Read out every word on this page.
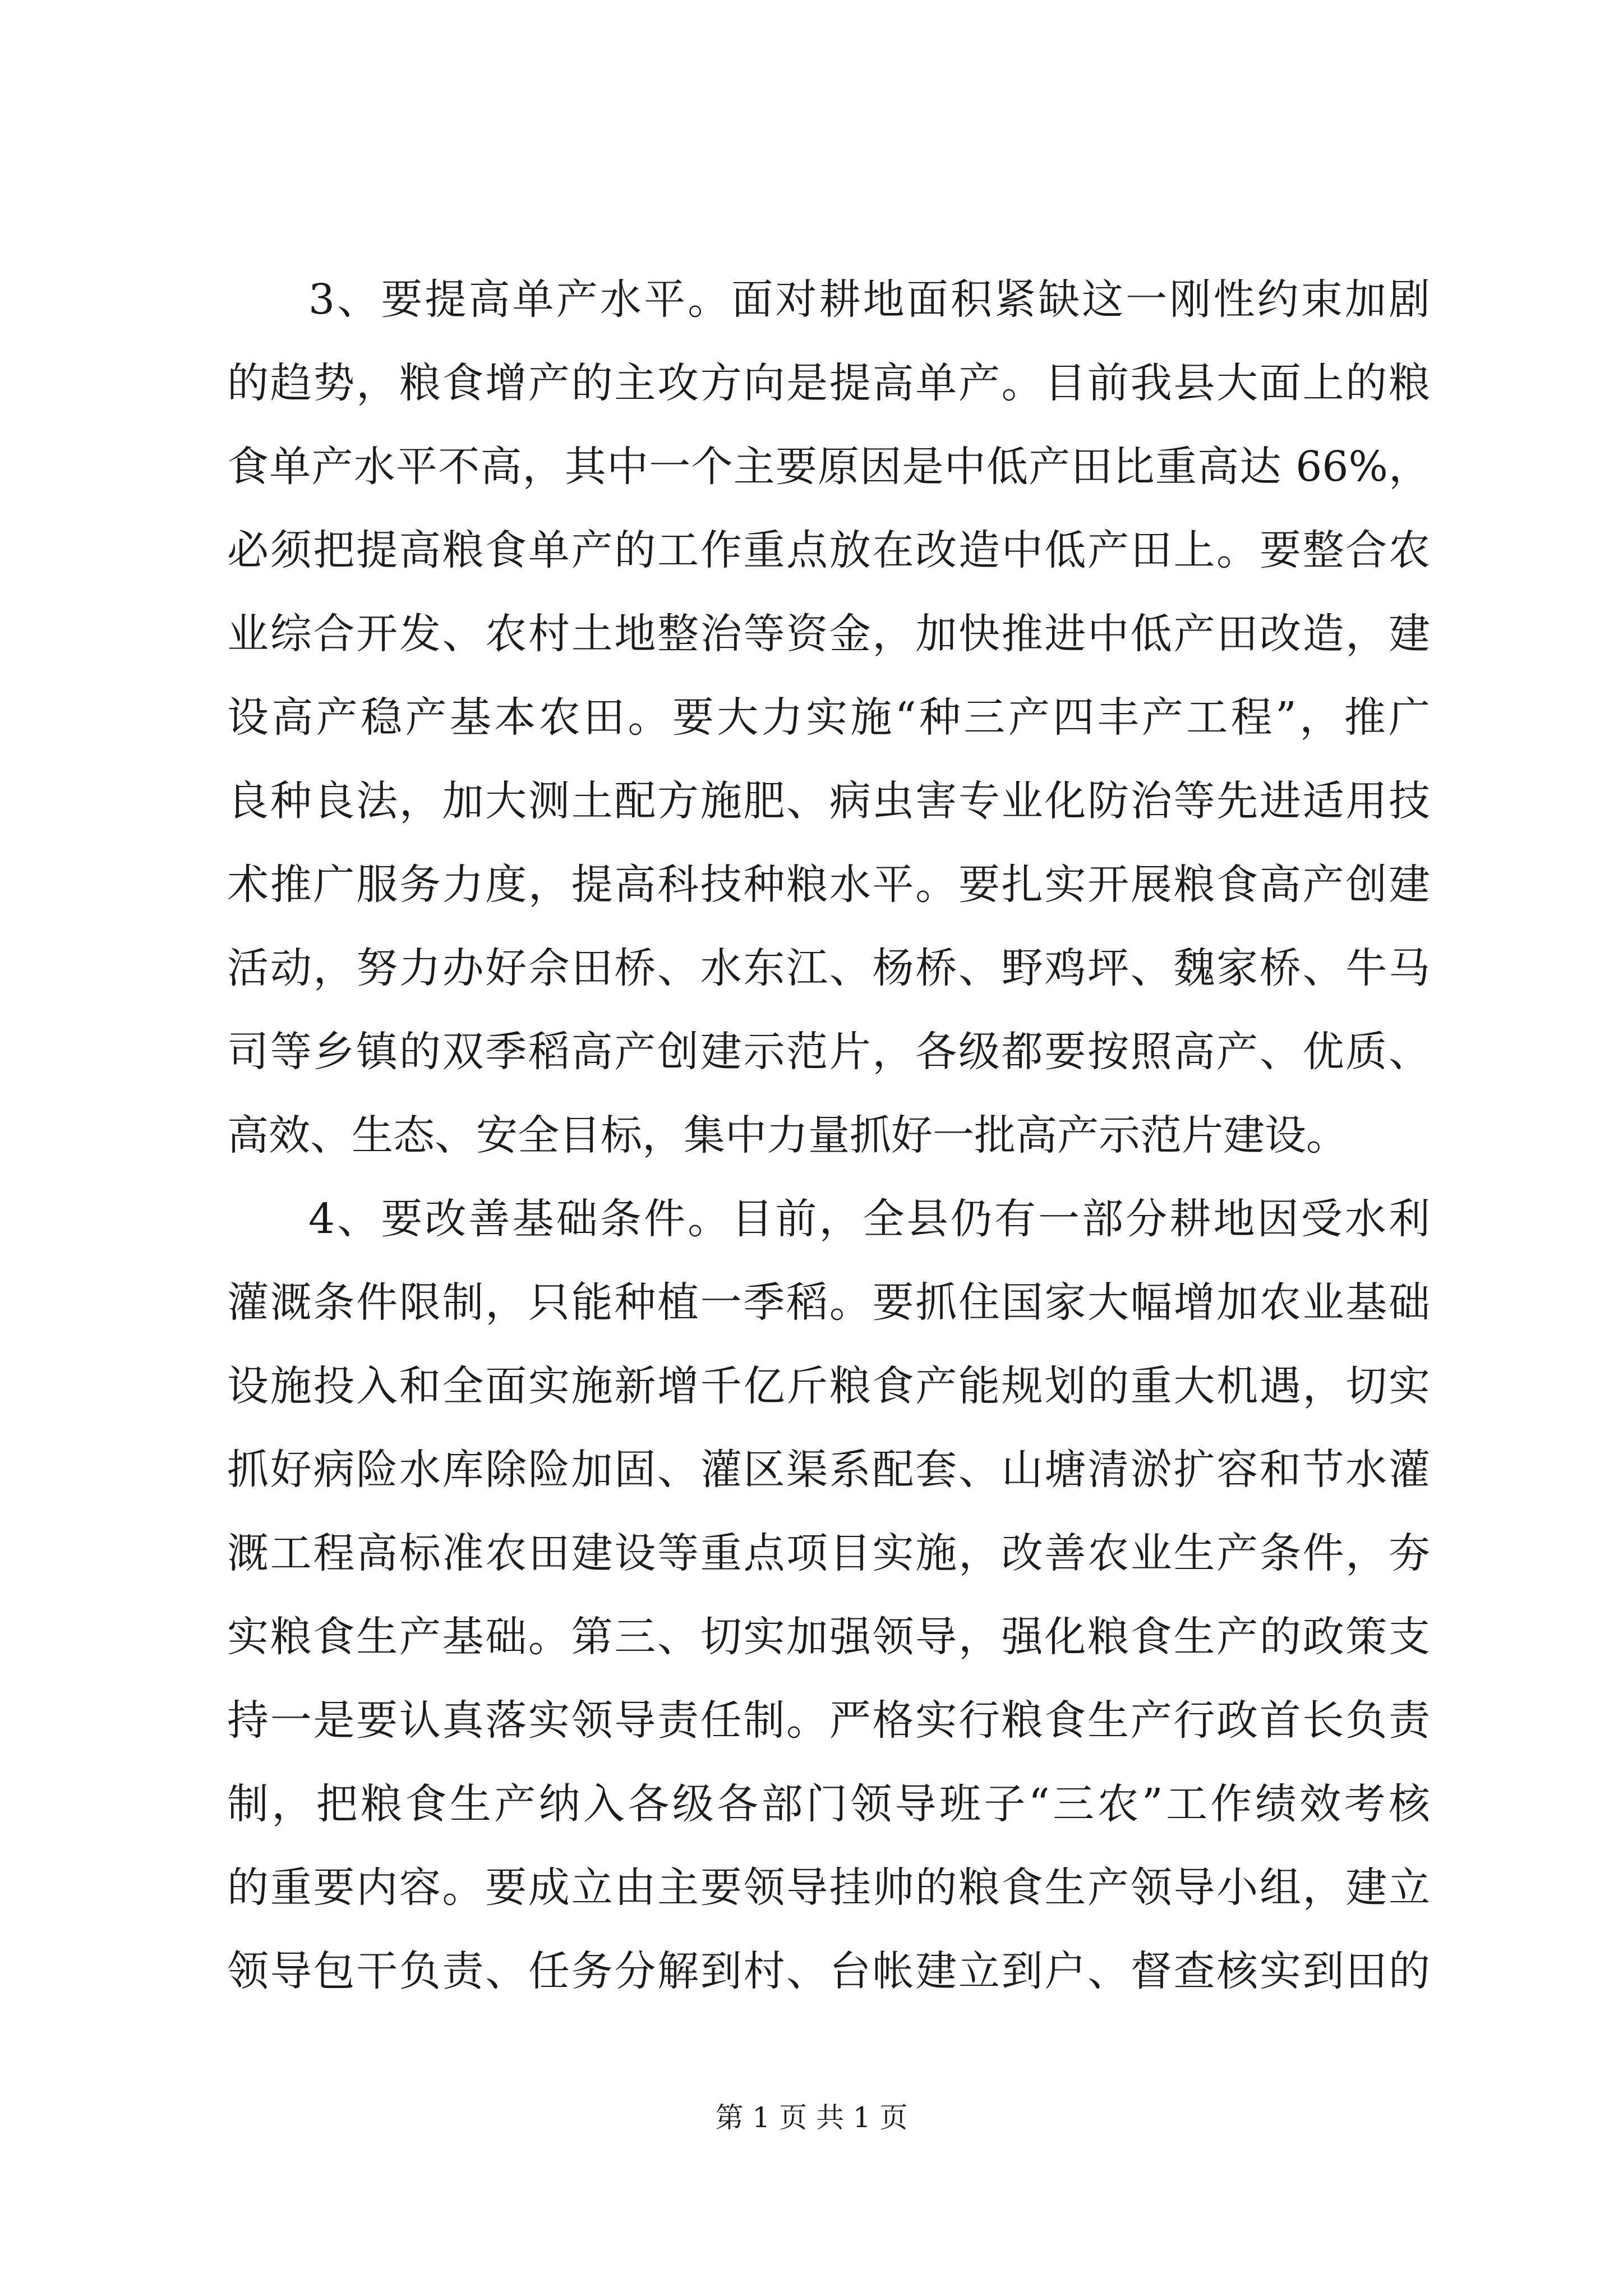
3、要提高单产水平。面对耕地面积紧缺这一刚性约束加剧
的趋势，粮食增产的主攻方向是提高单产。目前我县大面上的粮
食单产水平不高，其中一个主要原因是中低产田比重高达 66%，
必须把提高粮食单产的工作重点放在改造中低产田上。要整合农
业综合开发、农村土地整治等资金，加快推进中低产田改造，建
设高产稳产基本农田。要大力实施“种三产四丰产工程”，推广
良种良法，加大测土配方施肥、病虫害专业化防治等先进适用技
术推广服务力度，提高科技种粮水平。要扎实开展粮食高产创建
活动，努力办好佘田桥、水东江、杨桥、野鸡坪、魏家桥、牛马
司等乡镇的双季稻高产创建示范片，各级都要按照高产、优质、
高效、生态、安全目标，集中力量抓好一批高产示范片建设。
4、要改善基础条件。目前，全县仍有一部分耕地因受水利
灌溉条件限制，只能种植一季稻。要抓住国家大幅增加农业基础
设施投入和全面实施新增千亿斤粮食产能规划的重大机遇，切实
抓好病险水库除险加固、灌区渠系配套、山塘清淤扩容和节水灌
溉工程高标准农田建设等重点项目实施，改善农业生产条件，夯
实粮食生产基础。第三、切实加强领导，强化粮食生产的政策支
持一是要认真落实领导责任制。严格实行粮食生产行政首长负责
制，把粮食生产纳入各级各部门领导班子“三农”工作绩效考核
的重要内容。要成立由主要领导挂帅的粮食生产领导小组，建立
领导包干负责、任务分解到村、台帐建立到户、督查核实到田的
第 1 页 共 1 页
